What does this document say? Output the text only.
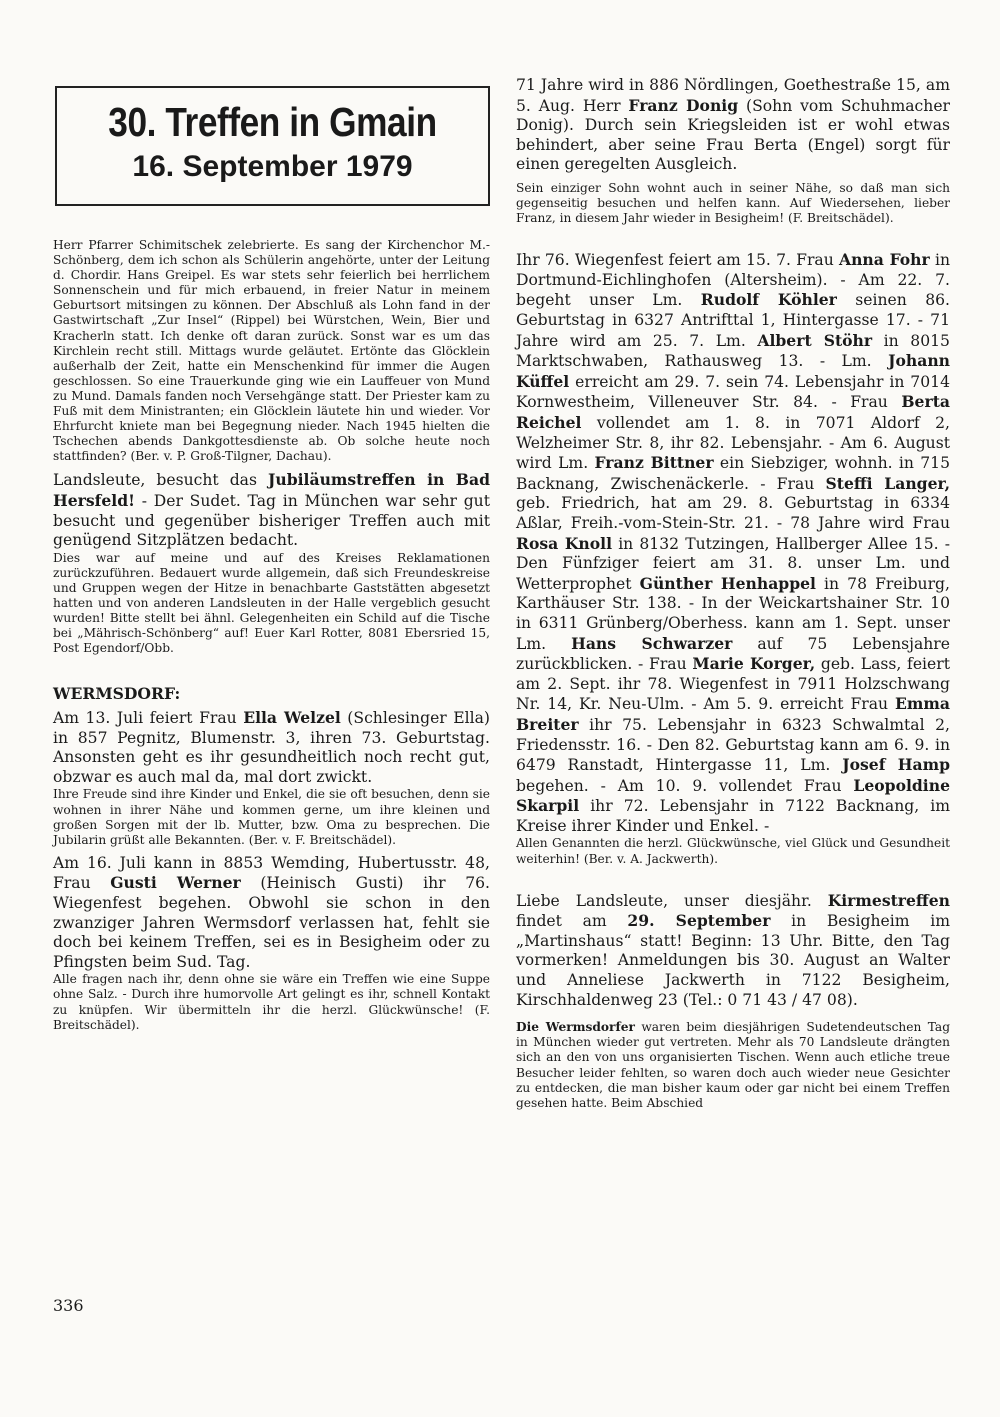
30. Treffen in Gmain
16. September 1979

Herr Pfarrer Schimitschek zelebrierte. Es sang der Kirchenchor M.-Schönberg, dem ich schon als Schülerin angehörte, unter der Leitung d. Chordir. Hans Greipel. Es war stets sehr feierlich bei herrlichem Sonnenschein und für mich erbauend, in freier Natur in meinem Geburtsort mitsingen zu können. Der Abschluß als Lohn fand in der Gastwirtschaft „Zur Insel“ (Rippel) bei Würstchen, Wein, Bier und Kracherln statt. Ich denke oft daran zurück. Sonst war es um das Kirchlein recht still. Mittags wurde geläutet. Ertönte das Glöcklein außerhalb der Zeit, hatte ein Menschenkind für immer die Augen geschlossen. So eine Trauerkunde ging wie ein Lauffeuer von Mund zu Mund. Damals fanden noch Versehgänge statt. Der Priester kam zu Fuß mit dem Ministranten; ein Glöcklein läutete hin und wieder. Vor Ehrfurcht kniete man bei Begegnung nieder. Nach 1945 hielten die Tschechen abends Dankgottesdienste ab. Ob solche heute noch stattfinden? (Ber. v. P. Groß-Tilgner, Dachau).

Landsleute, besucht das Jubiläumstreffen in Bad Hersfeld! - Der Sudet. Tag in München war sehr gut besucht und gegenüber bisheriger Treffen auch mit genügend Sitzplätzen bedacht.

Dies war auf meine und auf des Kreises Reklamationen zurückzuführen. Bedauert wurde allgemein, daß sich Freundeskreise und Gruppen wegen der Hitze in benachbarte Gaststätten abgesetzt hatten und von anderen Landsleuten in der Halle vergeblich gesucht wurden! Bitte stellt bei ähnl. Gelegenheiten ein Schild auf die Tische bei „Mährisch-Schönberg“ auf! Euer Karl Rotter, 8081 Ebersried 15, Post Egendorf/Obb.

WERMSDORF:

Am 13. Juli feiert Frau Ella Welzel (Schlesinger Ella) in 857 Pegnitz, Blumenstr. 3, ihren 73. Geburtstag. Ansonsten geht es ihr gesundheitlich noch recht gut, obzwar es auch mal da, mal dort zwickt.

Ihre Freude sind ihre Kinder und Enkel, die sie oft besuchen, denn sie wohnen in ihrer Nähe und kommen gerne, um ihre kleinen und großen Sorgen mit der lb. Mutter, bzw. Oma zu besprechen. Die Jubilarin grüßt alle Bekannten. (Ber. v. F. Breitschädel).

Am 16. Juli kann in 8853 Wemding, Hubertusstr. 48, Frau Gusti Werner (Heinisch Gusti) ihr 76. Wiegenfest begehen. Obwohl sie schon in den zwanziger Jahren Wermsdorf verlassen hat, fehlt sie doch bei keinem Treffen, sei es in Besigheim oder zu Pfingsten beim Sud. Tag.

Alle fragen nach ihr, denn ohne sie wäre ein Treffen wie eine Suppe ohne Salz. - Durch ihre humorvolle Art gelingt es ihr, schnell Kontakt zu knüpfen. Wir übermitteln ihr die herzl. Glückwünsche! (F. Breitschädel).

71 Jahre wird in 886 Nördlingen, Goethestraße 15, am 5. Aug. Herr Franz Donig (Sohn vom Schuhmacher Donig). Durch sein Kriegsleiden ist er wohl etwas behindert, aber seine Frau Berta (Engel) sorgt für einen geregelten Ausgleich.

Sein einziger Sohn wohnt auch in seiner Nähe, so daß man sich gegenseitig besuchen und helfen kann. Auf Wiedersehen, lieber Franz, in diesem Jahr wieder in Besigheim! (F. Breitschädel).

Ihr 76. Wiegenfest feiert am 15. 7. Frau Anna Fohr in Dortmund-Eichlinghofen (Altersheim). - Am 22. 7. begeht unser Lm. Rudolf Köhler seinen 86. Geburtstag in 6327 Antrifttal 1, Hintergasse 17. - 71 Jahre wird am 25. 7. Lm. Albert Stöhr in 8015 Marktschwaben, Rathausweg 13. - Lm. Johann Küffel erreicht am 29. 7. sein 74. Lebensjahr in 7014 Kornwestheim, Villeneuver Str. 84. - Frau Berta Reichel vollendet am 1. 8. in 7071 Aldorf 2, Welzheimer Str. 8, ihr 82. Lebensjahr. - Am 6. August wird Lm. Franz Bittner ein Siebziger, wohnh. in 715 Backnang, Zwischenäckerle. - Frau Steffi Langer, geb. Friedrich, hat am 29. 8. Geburtstag in 6334 Aßlar, Freih.-vom-Stein-Str. 21. - 78 Jahre wird Frau Rosa Knoll in 8132 Tutzingen, Hallberger Allee 15. - Den Fünfziger feiert am 31. 8. unser Lm. und Wetterprophet Günther Henhappel in 78 Freiburg, Karthäuser Str. 138. - In der Weickartshainer Str. 10 in 6311 Grünberg/Oberhess. kann am 1. Sept. unser Lm. Hans Schwarzer auf 75 Lebensjahre zurückblicken. - Frau Marie Korger, geb. Lass, feiert am 2. Sept. ihr 78. Wiegenfest in 7911 Holzschwang Nr. 14, Kr. Neu-Ulm. - Am 5. 9. erreicht Frau Emma Breiter ihr 75. Lebensjahr in 6323 Schwalmtal 2, Friedensstr. 16. - Den 82. Geburtstag kann am 6. 9. in 6479 Ranstadt, Hintergasse 11, Lm. Josef Hamp begehen. - Am 10. 9. vollendet Frau Leopoldine Skarpil ihr 72. Lebensjahr in 7122 Backnang, im Kreise ihrer Kinder und Enkel. -

Allen Genannten die herzl. Glückwünsche, viel Glück und Gesundheit weiterhin! (Ber. v. A. Jackwerth).

Liebe Landsleute, unser diesjähr. Kirmestreffen findet am 29. September in Besigheim im „Martinshaus“ statt! Beginn: 13 Uhr. Bitte, den Tag vormerken! Anmeldungen bis 30. August an Walter und Anneliese Jackwerth in 7122 Besigheim, Kirschhaldenweg 23 (Tel.: 0 71 43 / 47 08).

Die Wermsdorfer waren beim diesjährigen Sudetendeutschen Tag in München wieder gut vertreten. Mehr als 70 Landsleute drängten sich an den von uns organisierten Tischen. Wenn auch etliche treue Besucher leider fehlten, so waren doch auch wieder neue Gesichter zu entdecken, die man bisher kaum oder gar nicht bei einem Treffen gesehen hatte. Beim Abschied

336
